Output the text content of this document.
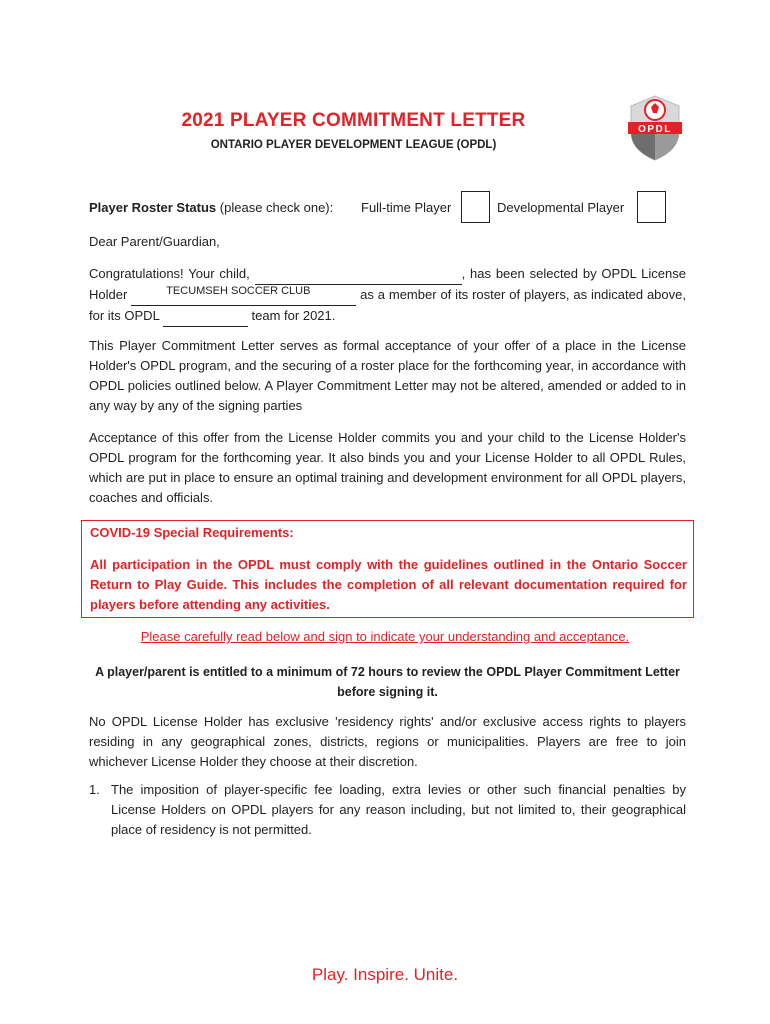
2021 PLAYER COMMITMENT LETTER
ONTARIO PLAYER DEVELOPMENT LEAGUE (OPDL)
OPDL
Player Roster Status (please check one): Full-time Player	Developmental Player
Dear Parent/Guardian,
Congratulations! Your child,	, has been selected by OPDL License Holder	TECUMSEH SOCCER CLUB	as a member of its roster of players, as indicated above, for its OPDL	team for 2021.
This Player Commitment Letter serves as formal acceptance of your offer of a place in the License Holder's OPDL program, and the securing of a roster place for the forthcoming year, in accordance with OPDL policies outlined below. A Player Commitment Letter may not be altered, amended or added to in any way by any of the signing parties
Acceptance of this offer from the License Holder commits you and your child to the License Holder's OPDL program for the forthcoming year. It also binds you and your License Holder to all OPDL Rules, which are put in place to ensure an optimal training and development environment for all OPDL players, coaches and officials.
COVID-19 Special Requirements:
All participation in the OPDL must comply with the guidelines outlined in the Ontario Soccer Return to Play Guide. This includes the completion of all relevant documentation required for players before attending any activities.
Please carefully read below and sign to indicate your understanding and acceptance.
A player/parent is entitled to a minimum of 72 hours to review the OPDL Player Commitment Letter before signing it.
No OPDL License Holder has exclusive 'residency rights' and/or exclusive access rights to players residing in any geographical zones, districts, regions or municipalities. Players are free to join whichever License Holder they choose at their discretion.
1. The imposition of player-specific fee loading, extra levies or other such financial penalties by License Holders on OPDL players for any reason including, but not limited to, their geographical place of residency is not permitted.
Play. Inspire. Unite.
